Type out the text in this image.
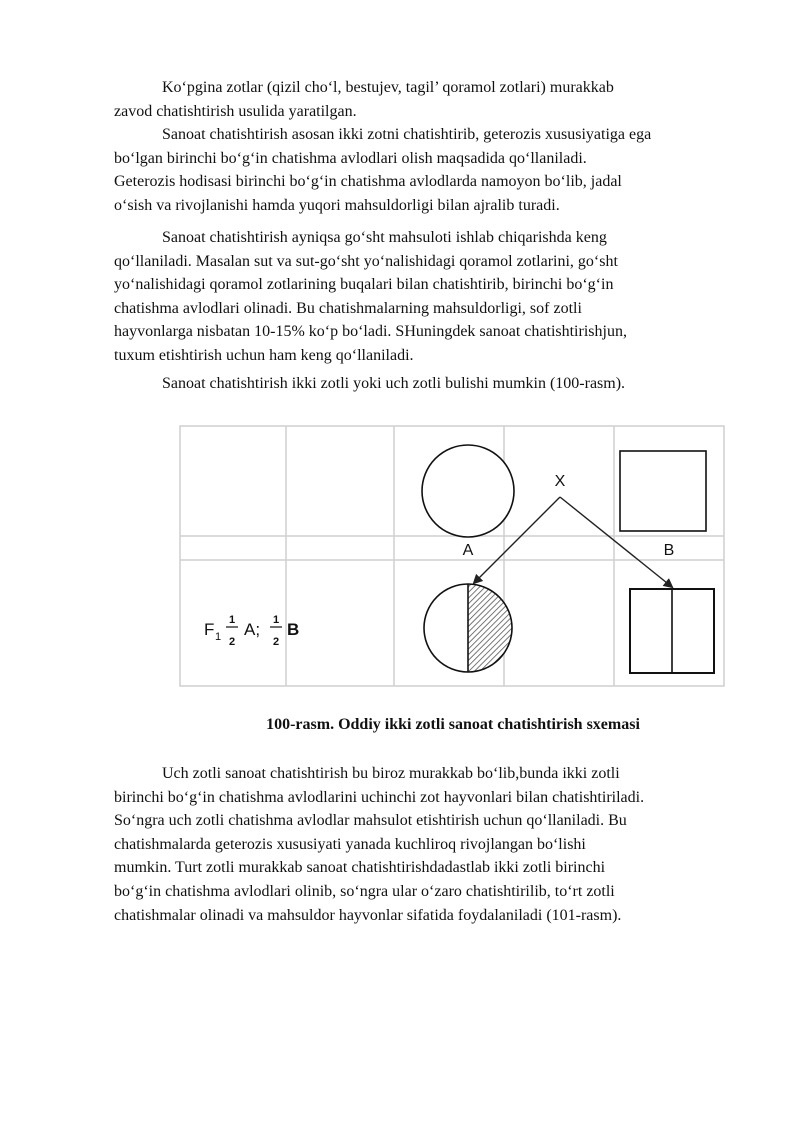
Ko‘pgina zotlar (qizil cho‘l, bestujev, tagil’ qoramol zotlari) murakkab
zavod chatishtirish usulida yaratilgan.

Sanoat chatishtirish asosan ikki zotni chatishtirib, geterozis xususiyatiga ega
bo‘lgan birinchi bo‘g‘in chatishma avlodlari olish maqsadida qo‘llaniladi.
Geterozis hodisasi birinchi bo‘g‘in chatishma avlodlarda namoyon bo‘lib, jadal
o‘sish va rivojlanishi hamda yuqori mahsuldorligi bilan ajralib turadi.

Sanoat chatishtirish ayniqsa go‘sht mahsuloti ishlab chiqarishda keng
qo‘llaniladi. Masalan sut va sut-go‘sht yo‘nalishidagi qoramol zotlarini, go‘sht
yo‘nalishidagi qoramol zotlarining buqalari bilan chatishtirib, birinchi bo‘g‘in
chatishma avlodlari olinadi. Bu chatishmalarning mahsuldorligi, sof zotli
hayvonlarga nisbatan 10-15% ko‘p bo‘ladi. SHuningdek sanoat chatishtirishjun,
tuxum etishtirish uchun ham keng qo‘llaniladi.

Sanoat chatishtirish ikki zotli yoki uch zotli bulishi mumkin (100-rasm).

X
A	B
F 1
1
2
A; 1
2
B
100-rasm. Oddiy ikki zotli sanoat chatishtirish sxemasi

Uch zotli sanoat chatishtirish bu biroz murakkab bo‘lib,bunda ikki zotli
birinchi bo‘g‘in chatishma avlodlarini uchinchi zot hayvonlari bilan chatishtiriladi.
So‘ngra uch zotli chatishma avlodlar mahsulot etishtirish uchun qo‘llaniladi. Bu
chatishmalarda geterozis xususiyati yanada kuchliroq rivojlangan bo‘lishi
mumkin. Turt zotli murakkab sanoat chatishtirishdadastlab ikki zotli birinchi
bo‘g‘in chatishma avlodlari olinib, so‘ngra ular o‘zaro chatishtirilib, to‘rt zotli
chatishmalar olinadi va mahsuldor hayvonlar sifatida foydalaniladi (101-rasm).
